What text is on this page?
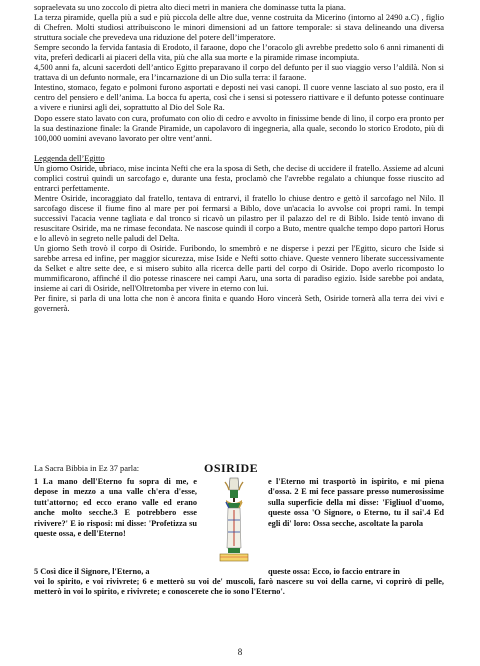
sopraelevata su uno zoccolo di pietra alto dieci metri in maniera che dominasse tutta la piana.

La terza piramide, quella più a sud e più piccola delle altre due, venne costruita da Micerino (intorno al 2490 a.C) , figlio di Chefren. Molti studiosi attribuiscono le minori dimensioni ad un fattore temporale: si stava delineando una diversa struttura sociale che prevedeva una riduzione del potere dell’imperatore.

Sempre secondo la fervida fantasia di Erodoto, il faraone, dopo che l’oracolo gli avrebbe predetto solo 6 anni rimanenti di vita, preferì dedicarli ai piaceri della vita, più che alla sua morte e la piramide rimase incompiuta.

4,500 anni fa, alcuni sacerdoti dell’antico Egitto preparavano il corpo del defunto per il suo viaggio verso l’aldilà. Non si trattava di un defunto normale, era l’incarnazione di un Dio sulla terra: il faraone.

Intestino, stomaco, fegato e polmoni furono asportati e deposti nei vasi canopi. Il cuore venne lasciato al suo posto, era il centro del pensiero e dell’anima. La bocca fu aperta, così che i sensi si potessero riattivare e il defunto potesse continuare a vivere e riunirsi agli dei, soprattutto al Dio del Sole Ra.

Dopo essere stato lavato con cura, profumato con olio di cedro e avvolto in finissime bende di lino, il corpo era pronto per la sua destinazione finale: la Grande Piramide, un capolavoro di ingegneria, alla quale, secondo lo storico Erodoto, più di 100,000 uomini avevano lavorato per oltre vent’anni.

Leggenda dell’Egitto

Un giorno Osiride, ubriaco, mise incinta Nefti che era la sposa di Seth, che decise di uccidere il fratello. Assieme ad alcuni complici costruì quindi un sarcofago e, durante una festa, proclamò che l'avrebbe regalato a chiunque fosse riuscito ad entrarci perfettamente.

Mentre Osiride, incoraggiato dal fratello, tentava di entrarvi, il fratello lo chiuse dentro e gettò il sarcofago nel Nilo. Il sarcofago discese il fiume fino al mare per poi fermarsi a Biblo, dove un'acacia lo avvolse coi propri rami. In tempi successivi l'acacia venne tagliata e dal tronco si ricavò un pilastro per il palazzo del re di Biblo. Iside tentò invano di resuscitare Osiride, ma ne rimase fecondata. Ne nascose quindi il corpo a Buto, mentre qualche tempo dopo partorì Horus e lo allevò in segreto nelle paludi del Delta.

Un giorno Seth trovò il corpo di Osiride. Furibondo, lo smembrò e ne disperse i pezzi per l'Egitto, sicuro che Iside si sarebbe arresa ed infine, per maggior sicurezza, mise Iside e Nefti sotto chiave. Queste vennero liberate successivamente da Selket e altre sette dee, e si misero subito alla ricerca delle parti del corpo di Osiride. Dopo averlo ricomposto lo mummificarono, affinché il dio potesse rinascere nei campi Aaru, una sorta di paradiso egizio. Iside sarebbe poi andata, insieme ai cari di Osiride, nell'Oltretomba per vivere in eterno con lui.

Per finire, si parla di una lotta che non è ancora finita e quando Horo vincerà Seth, Osiride tornerà alla terra dei vivi e governerà.

La Sacra Bibbia in Ez 37 parla:	OSIRIDE

1 La mano dell'Eterno fu sopra di me, e depose in mezzo a una valle ch'era d'esse, tutt'attorno; ed ecco erano valle ed erano anche molto secche.3 E potrebbero esse rivivere?' E io risposi: mi disse: 'Profetizza su queste ossa, e dell'Eterno!

e l'Eterno mi trasportò in ispirito, e mi piena d'ossa. 2 E mi fece passare presso numerosissime sulla superficie della mi disse: 'Figliuol d'uomo, queste ossa 'O Signore, o Eterno, tu il sai'.4 Ed egli di' loro: Ossa secche, ascoltate la parola

5 Così dice il Signore, l'Eterno, a	queste ossa: Ecco, io faccio entrare in
voi lo spirito, e voi rivivrete; 6 e metterò su voi de' muscoli, farò nascere su voi della carne, vi coprirò di pelle, metterò in voi lo spirito, e rivivrete; e conoscerete che io sono l'Eterno'.
8
